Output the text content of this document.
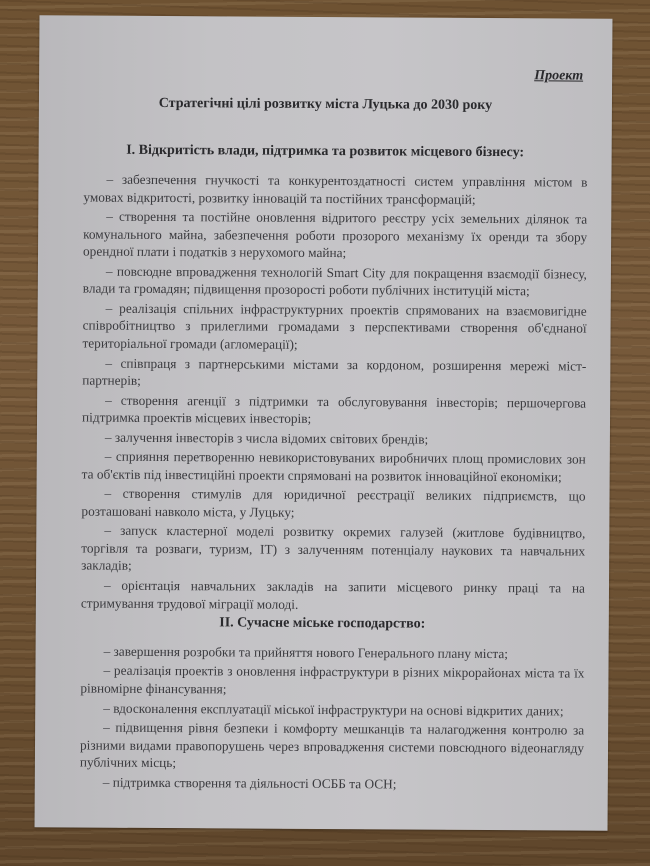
Проект
Стратегічні цілі розвитку міста Луцька до 2030 року
I. Відкритість влади, підтримка та розвиток місцевого бізнесу:

– забезпечення гнучкості та конкурентоздатності систем управління містом в умовах відкритості, розвитку інновацій та постійних трансформацій;

– створення та постійне оновлення відритого реєстру усіх земельних ділянок та комунального майна, забезпечення роботи прозорого механізму їх оренди та збору орендної плати і податків з нерухомого майна;

– повсюдне впровадження технологій Smart City для покращення взаємодії бізнесу, влади та громадян; підвищення прозорості роботи публічних інституцій міста;

– реалізація спільних інфраструктурних проектів спрямованих на взаємовигідне співробітництво з прилеглими громадами з перспективами створення об'єднаної територіальної громади (агломерації);

– співпраця з партнерськими містами за кордоном, розширення мережі міст-партнерів;

– створення агенції з підтримки та обслуговування інвесторів; першочергова підтримка проектів місцевих інвесторів;

– залучення інвесторів з числа відомих світових брендів;

– сприяння перетворенню невикористовуваних виробничих площ промислових зон та об'єктів під інвестиційні проекти спрямовані на розвиток інноваційної економіки;

– створення стимулів для юридичної реєстрації великих підприємств, що розташовані навколо міста, у Луцьку;

– запуск кластерної моделі розвитку окремих галузей (житлове будівництво, торгівля та розваги, туризм, ІТ) з залученням потенціалу наукових та навчальних закладів;

– орієнтація навчальних закладів на запити місцевого ринку праці та на стримування трудової міграції молоді.

II. Сучасне міське господарство:

– завершення розробки та прийняття нового Генерального плану міста;

– реалізація проектів з оновлення інфраструктури в різних мікрорайонах міста та їх рівномірне фінансування;

– вдосконалення експлуатації міської інфраструктури на основі відкритих даних;

– підвищення рівня безпеки і комфорту мешканців та налагодження контролю за різними видами правопорушень через впровадження системи повсюдного відеонагляду публічних місць;

– підтримка створення та діяльності ОСББ та ОСН;
